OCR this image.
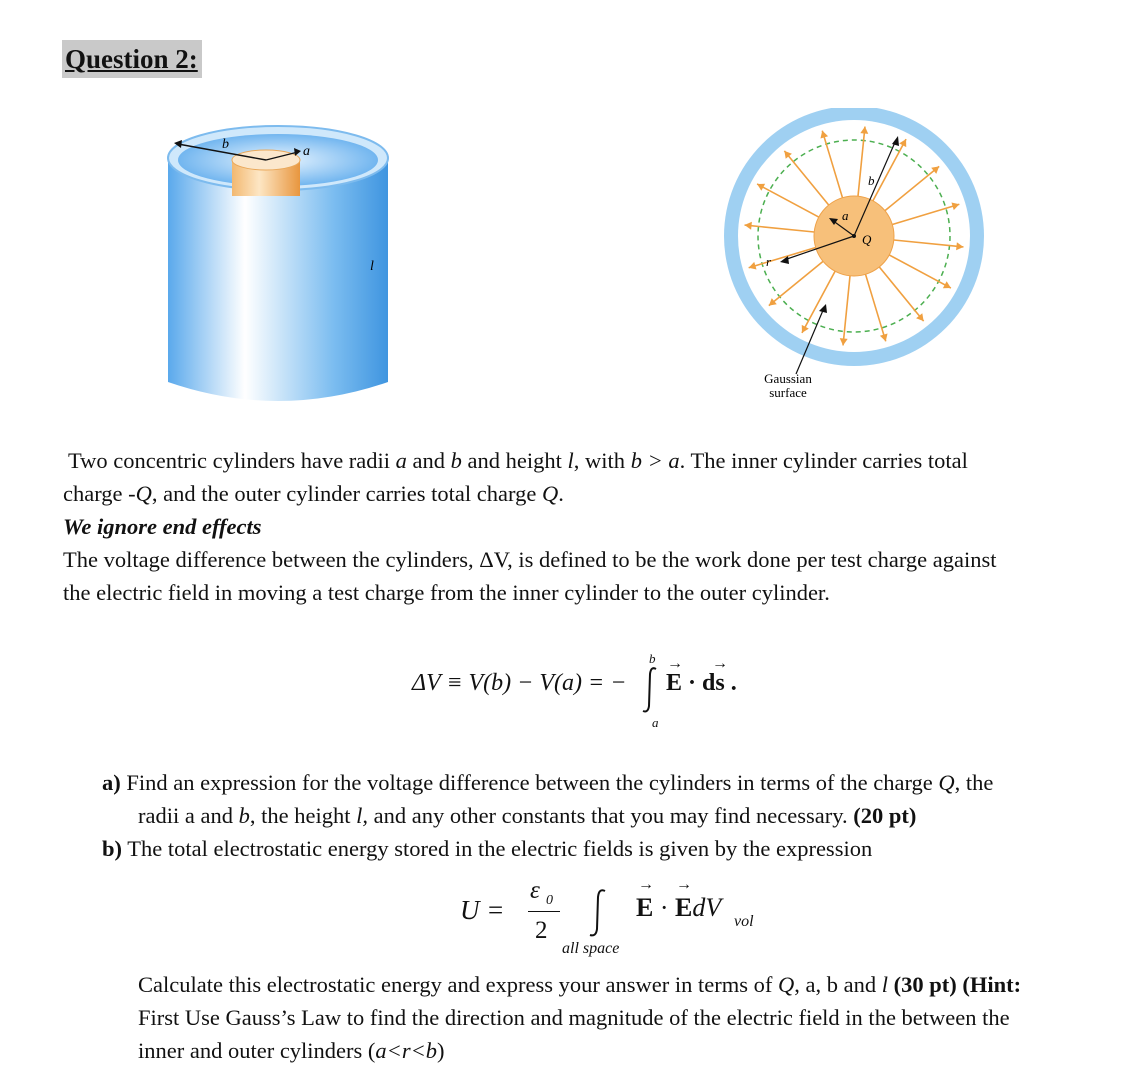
Question 2:
b	a
l
b
a
r
Q
Gaussian
surface
Two concentric cylinders have radii a and b and height l, with b > a. The inner cylinder carries total
charge -Q, and the outer cylinder carries total charge Q.
We ignore end effects
The voltage difference between the cylinders, ΔV, is defined to be the work done per test charge against
the electric field in moving a test charge from the inner cylinder to the outer cylinder.
ΔV ≡ V(b) − V(a) = −
b
a
→ →
E · ds .
a) Find an expression for the voltage difference between the cylinders in terms of the charge Q, the
radii a and b, the height l, and any other constants that you may find necessary. (20 pt)
b) The total electrostatic energy stored in the electric fields is given by the expression
U =
ε 0
2
all space
→ →
E · EdV vol
Calculate this electrostatic energy and express your answer in terms of Q, a, b and l (30 pt) (Hint:
First Use Gauss’s Law to find the direction and magnitude of the electric field in the between the
inner and outer cylinders (a<r<b)
